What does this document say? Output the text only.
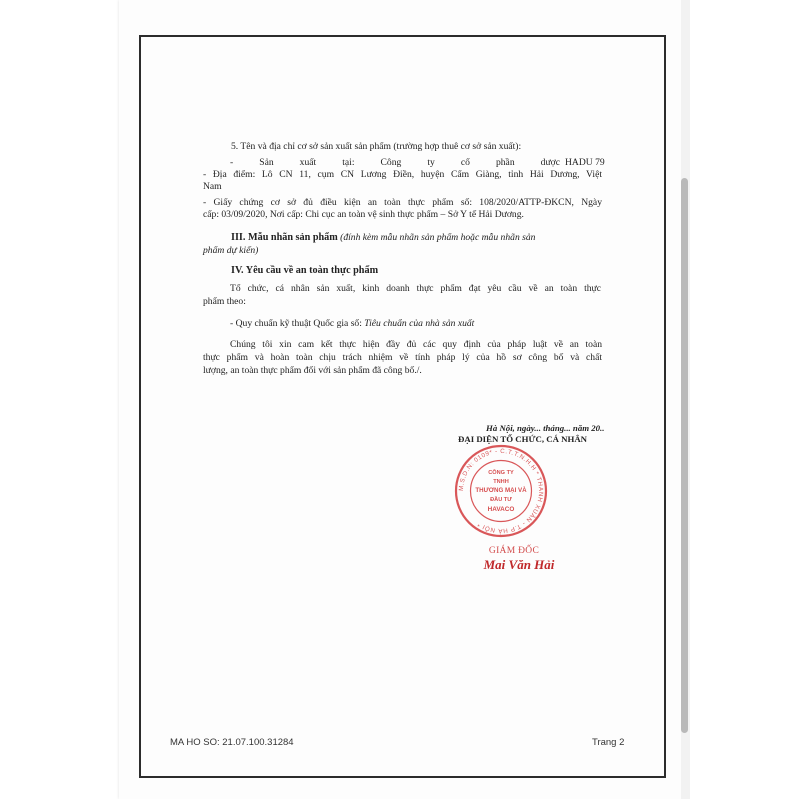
5. Tên và địa chỉ cơ sở sản xuất sản phẩm (trường hợp thuê cơ sở sản xuất):
- Sản xuất tại: Công ty cổ phần dược HADU 79
- Địa điểm: Lô CN 11, cụm CN Lương Điền, huyện Cẩm Giàng, tỉnh Hải Dương, Việt
Nam
- Giấy chứng cơ sở đủ điều kiện an toàn thực phẩm số: 108/2020/ATTP-ĐKCN, Ngày
cấp: 03/09/2020, Nơi cấp: Chi cục an toàn vệ sinh thực phẩm – Sở Y tế Hải Dương.
III. Mẫu nhãn sản phẩm (đính kèm mẫu nhãn sản phẩm hoặc mẫu nhãn sản
phẩm dự kiến)
IV. Yêu cầu về an toàn thực phẩm
Tổ chức, cá nhân sản xuất, kinh doanh thực phẩm đạt yêu cầu về an toàn thực
phẩm theo:
- Quy chuẩn kỹ thuật Quốc gia số: Tiêu chuẩn của nhà sản xuất
Chúng tôi xin cam kết thực hiện đầy đủ các quy định của pháp luật về an toàn
thực phẩm và hoàn toàn chịu trách nhiệm về tính pháp lý của hồ sơ công bố và chất
lượng, an toàn thực phẩm đối với sản phẩm đã công bố./.
Hà Nội, ngày... tháng... năm 20..
ĐẠI DIỆN TỔ CHỨC, CÁ NHÂN
M.S.D.N: 0109* - C.T.T.N.H.H * THANH XUÂN - T.P HÀ NỘI *
CÔNG TY
TNHH
THƯƠNG MẠI VÀ
ĐẦU TƯ
HAVACO
GIÁM ĐỐC
Mai Văn Hải
MA HO SO: 21.07.100.31284	Trang 2
